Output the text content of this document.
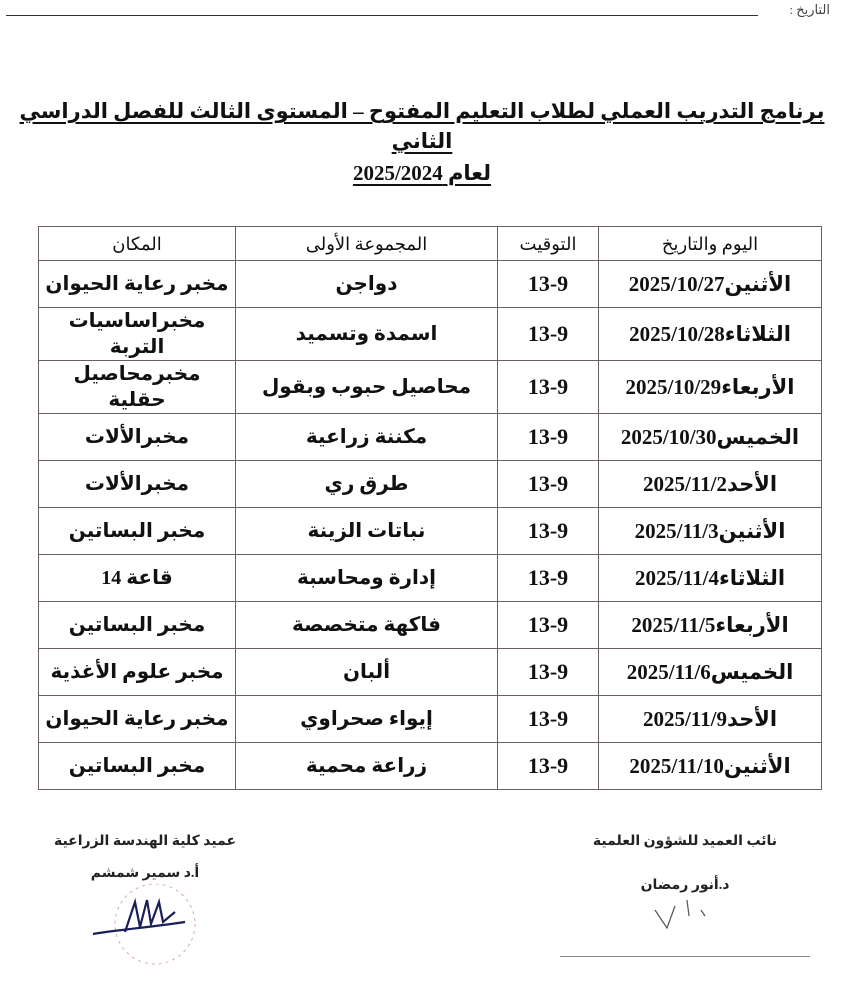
التاريخ :
برنامج التدريب العملي لطلاب التعليم المفتوح – المستوى الثالث للفصل الدراسي الثاني
لعام 2025/2024
اليوم والتاريخ	التوقيت	المجموعة الأولى	المكان
الأثنين2025/10/27	13-9	دواجن	مخبر رعاية الحيوان
الثلاثاء2025/10/28	13-9	اسمدة وتسميد	مخبراساسيات التربة
الأربعاء2025/10/29	13-9	محاصيل حبوب وبقول	مخبرمحاصيل حقلية
الخميس2025/10/30	13-9	مكننة زراعية	مخبرالألات
الأحد2025/11/2	13-9	طرق ري	مخبرالألات
الأثنين2025/11/3	13-9	نباتات الزينة	مخبر البساتين
الثلاثاء2025/11/4	13-9	إدارة ومحاسبة	قاعة 14
الأربعاء2025/11/5	13-9	فاكهة متخصصة	مخبر البساتين
الخميس2025/11/6	13-9	ألبان	مخبر علوم الأغذية
الأحد2025/11/9	13-9	إيواء صحراوي	مخبر رعاية الحيوان
الأثنين2025/11/10	13-9	زراعة محمية	مخبر البساتين
نائب العميد للشؤون العلمية
د.أنور رمضان
عميد كلية الهندسة الزراعية
أ.د سمير شمشم
